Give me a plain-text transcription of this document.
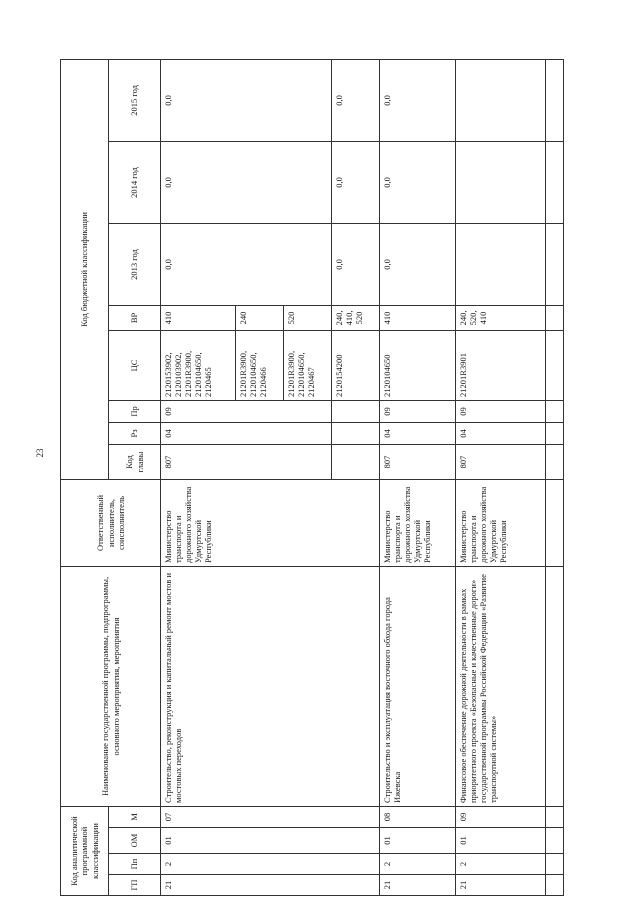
23
Код аналитической программной классификации				Наименование государственной программы, подпрограммы, основного мероприятия, мероприятия	Ответственный исполнитель, соисполнитель	Код бюджетной классификации							
ГП	Пп	ОМ	М			Код главы	Рз	Пр	ЦС	ВР	2013 год	2014 год	2015 год
21	2	01	07	Строительство, реконструкция и капитальный ремонт мостов и мостовых переходов	Министерство транспорта и дорожного хозяйства Удмуртской Республики	807	04	09	2120153902, 2120103902, 21201R3900, 2120104650, 2120465	410	0,0	0,0	0,0
									21201R3900, 2120104650, 2120466	240			
									21201R3900, 2120104650, 2120467	520			
									2120154200	240, 410, 520	0,0	0,0	0,0
21	2	01	08	Строительство и эксплуатация восточного обхода города Ижевска	Министерство транспорта и дорожного хозяйства Удмуртской Республики	807	04	09	2120104650	410	0,0	0,0	0,0
21	2	01	09	Финансовое обеспечение дорожной деятельности в рамках приоритетного проекта «Безопасные и качественные дороги» государственной программы Российской Федерации «Развитие транспортной системы»	Министерство транспорта и дорожного хозяйства Удмуртской Республики	807	04	09	21201R3901	240, 520, 410			
